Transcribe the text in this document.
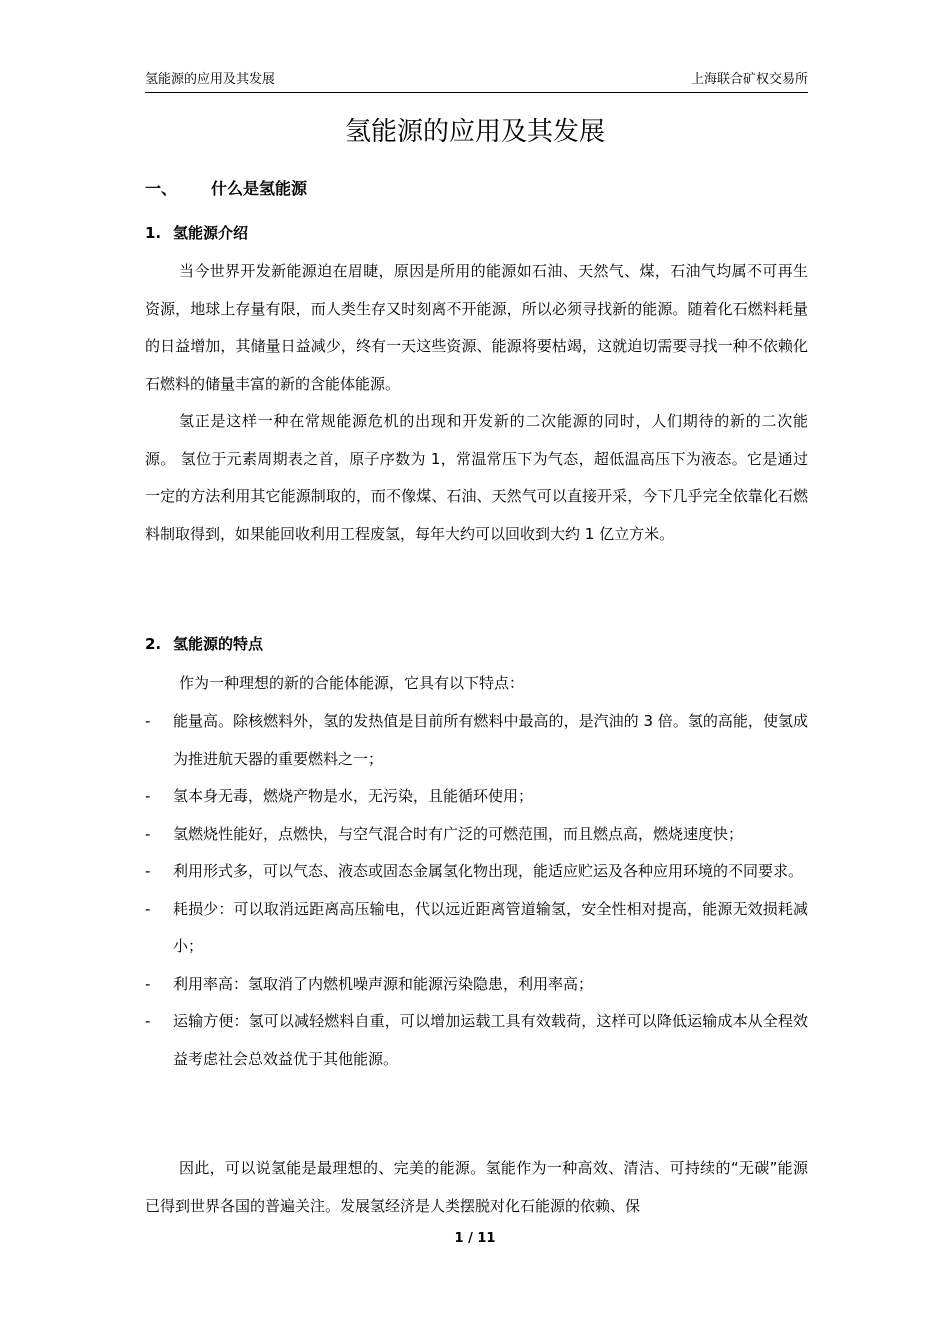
氢能源的应用及其发展	上海联合矿权交易所
氢能源的应用及其发展
一、 什么是氢能源
1. 氢能源介绍

当今世界开发新能源迫在眉睫，原因是所用的能源如石油、天然气、煤，石油气均属不可再生资源，地球上存量有限，而人类生存又时刻离不开能源，所以必须寻找新的能源。随着化石燃料耗量的日益增加，其储量日益减少，终有一天这些资源、能源将要枯竭，这就迫切需要寻找一种不依赖化石燃料的储量丰富的新的含能体能源。

氢正是这样一种在常规能源危机的出现和开发新的二次能源的同时，人们期待的新的二次能源。 氢位于元素周期表之首，原子序数为 1，常温常压下为气态，超低温高压下为液态。它是通过一定的方法利用其它能源制取的，而不像煤、石油、天然气可以直接开采，今下几乎完全依靠化石燃料制取得到，如果能回收利用工程废氢，每年大约可以回收到大约 1 亿立方米。

2. 氢能源的特点

作为一种理想的新的合能体能源，它具有以下特点：

- 能量高。除核燃料外，氢的发热值是目前所有燃料中最高的，是汽油的 3 倍。氢的高能，使氢成为推进航天器的重要燃料之一；
- 氢本身无毒，燃烧产物是水，无污染，且能循环使用；
- 氢燃烧性能好，点燃快，与空气混合时有广泛的可燃范围，而且燃点高，燃烧速度快；
- 利用形式多，可以气态、液态或固态金属氢化物出现，能适应贮运及各种应用环境的不同要求。
- 耗损少：可以取消远距离高压输电，代以远近距离管道输氢，安全性相对提高，能源无效损耗减小；
- 利用率高：氢取消了内燃机噪声源和能源污染隐患，利用率高；
- 运输方便：氢可以减轻燃料自重，可以增加运载工具有效载荷，这样可以降低运输成本从全程效益考虑社会总效益优于其他能源。

因此，可以说氢能是最理想的、完美的能源。氢能作为一种高效、清洁、可持续的“无碳”能源已得到世界各国的普遍关注。发展氢经济是人类摆脱对化石能源的依赖、保

1 / 11
